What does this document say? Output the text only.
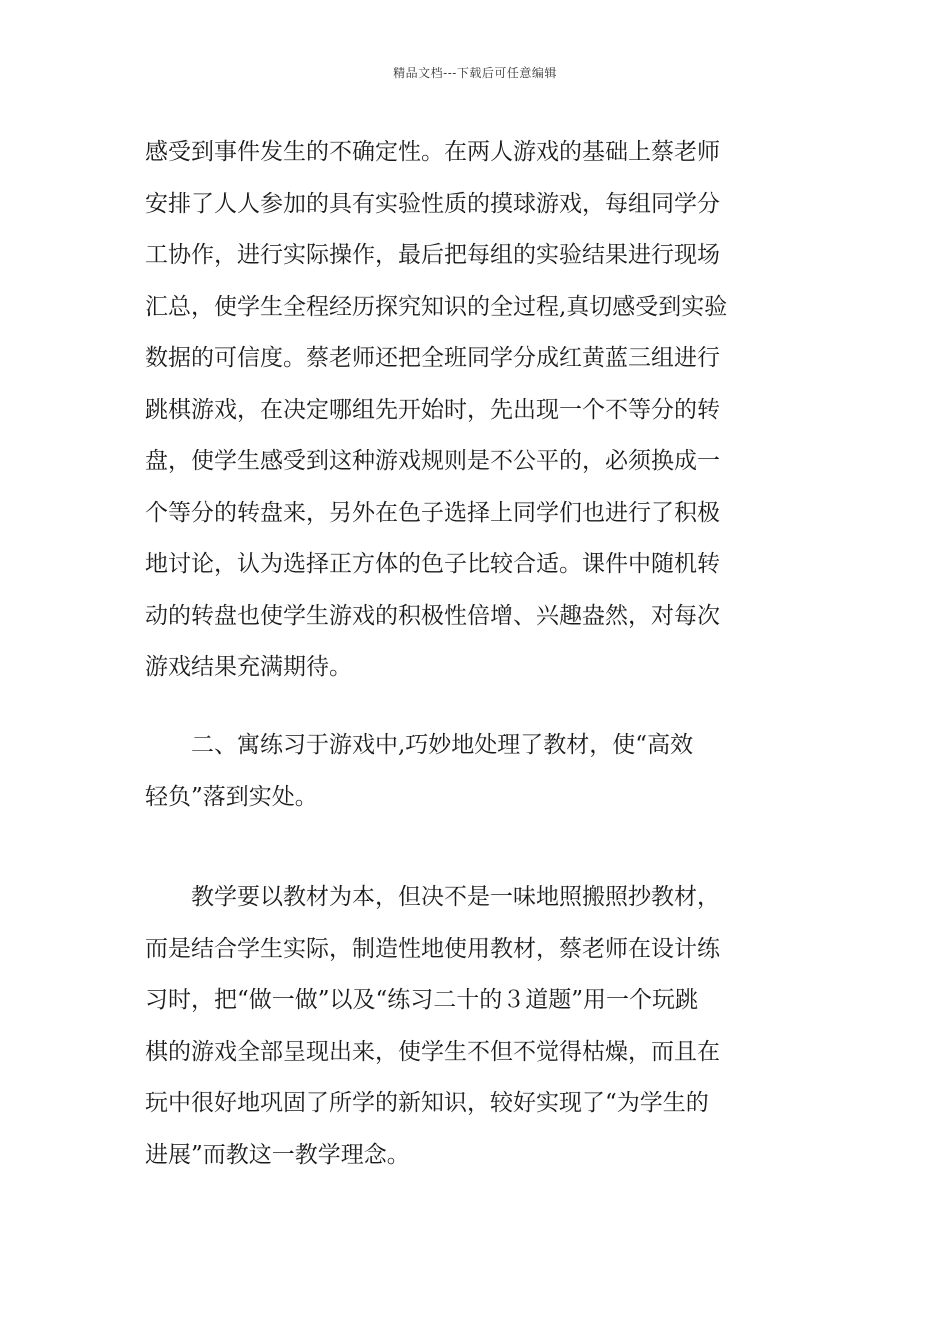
精品文档---下载后可任意编辑
感受到事件发生的不确定性。在两人游戏的基础上蔡老师
安排了人人参加的具有实验性质的摸球游戏，每组同学分
工协作，进行实际操作，最后把每组的实验结果进行现场
汇总，使学生全程经历探究知识的全过程,真切感受到实验
数据的可信度。蔡老师还把全班同学分成红黄蓝三组进行
跳棋游戏，在决定哪组先开始时，先出现一个不等分的转
盘，使学生感受到这种游戏规则是不公平的，必须换成一
个等分的转盘来，另外在色子选择上同学们也进行了积极
地讨论，认为选择正方体的色子比较合适。课件中随机转
动的转盘也使学生游戏的积极性倍增、兴趣盎然，对每次
游戏结果充满期待。
　　二、寓练习于游戏中,巧妙地处理了教材，使“高效
轻负”落到实处。
　　教学要以教材为本，但决不是一味地照搬照抄教材，
而是结合学生实际，制造性地使用教材，蔡老师在设计练
习时，把“做一做”以及“练习二十的３道题”用一个玩跳
棋的游戏全部呈现出来，使学生不但不觉得枯燥，而且在
玩中很好地巩固了所学的新知识，较好实现了“为学生的
进展”而教这一教学理念。
